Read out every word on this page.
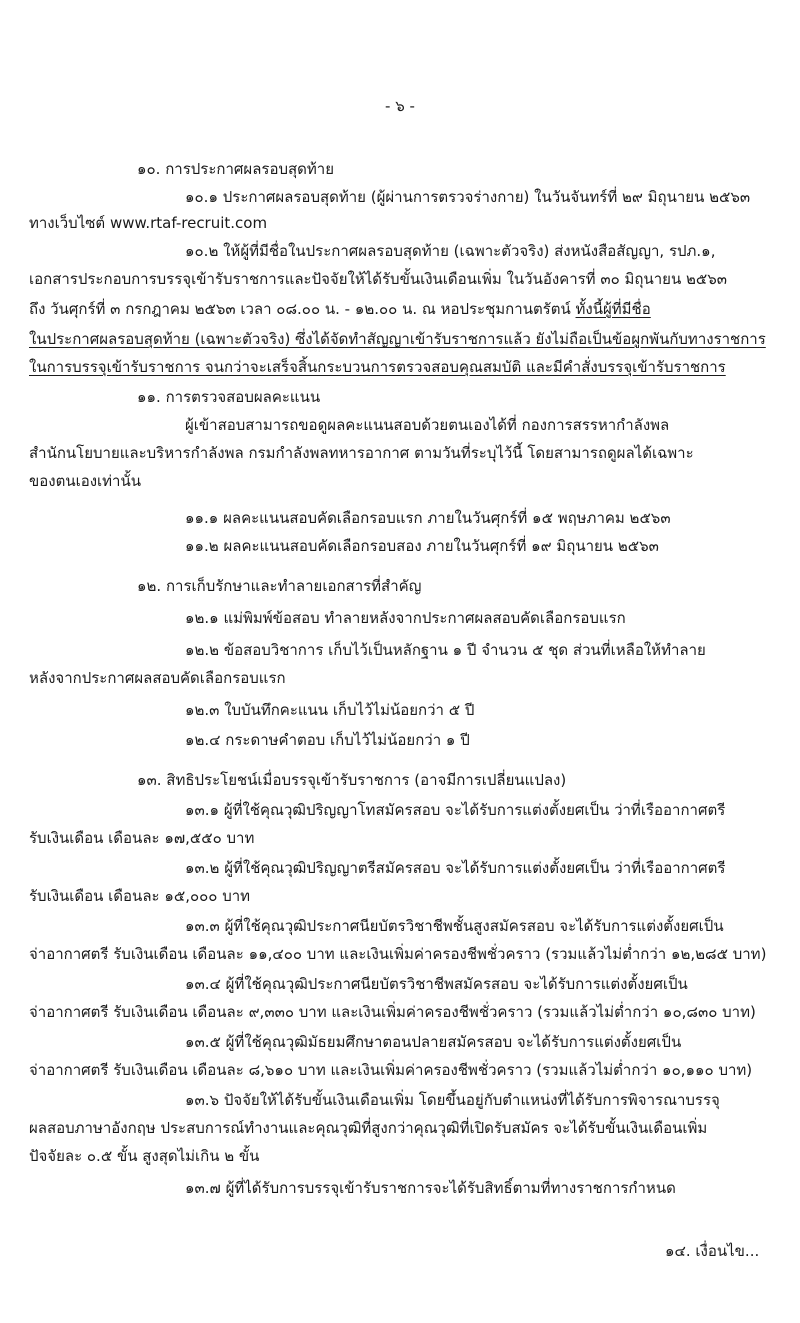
- ๖ -
๑๐. การประกาศผลรอบสุดท้าย
๑๐.๑ ประกาศผลรอบสุดท้าย (ผู้ผ่านการตรวจร่างกาย) ในวันจันทร์ที่ ๒๙ มิถุนายน ๒๕๖๓
ทางเว็บไซต์ www.rtaf-recruit.com
๑๐.๒ ให้ผู้ที่มีชื่อในประกาศผลรอบสุดท้าย (เฉพาะตัวจริง) ส่งหนังสือสัญญา, รปภ.๑,
เอกสารประกอบการบรรจุเข้ารับราชการและปัจจัยให้ได้รับขั้นเงินเดือนเพิ่ม ในวันอังคารที่ ๓๐ มิถุนายน ๒๕๖๓
ถึง วันศุกร์ที่ ๓ กรกฎาคม ๒๕๖๓ เวลา ๐๘.๐๐ น. - ๑๒.๐๐ น. ณ หอประชุมกานตรัตน์ ทั้งนี้ผู้ที่มีชื่อ
ในประกาศผลรอบสุดท้าย (เฉพาะตัวจริง) ซึ่งได้จัดทำสัญญาเข้ารับราชการแล้ว ยังไม่ถือเป็นข้อผูกพันกับทางราชการ
ในการบรรจุเข้ารับราชการ จนกว่าจะเสร็จสิ้นกระบวนการตรวจสอบคุณสมบัติ และมีคำสั่งบรรจุเข้ารับราชการ
๑๑. การตรวจสอบผลคะแนน
ผู้เข้าสอบสามารถขอดูผลคะแนนสอบด้วยตนเองได้ที่ กองการสรรหากำลังพล
สำนักนโยบายและบริหารกำลังพล กรมกำลังพลทหารอากาศ ตามวันที่ระบุไว้นี้ โดยสามารถดูผลได้เฉพาะ
ของตนเองเท่านั้น
๑๑.๑ ผลคะแนนสอบคัดเลือกรอบแรก ภายในวันศุกร์ที่ ๑๕ พฤษภาคม ๒๕๖๓
๑๑.๒ ผลคะแนนสอบคัดเลือกรอบสอง ภายในวันศุกร์ที่ ๑๙ มิถุนายน ๒๕๖๓
๑๒. การเก็บรักษาและทำลายเอกสารที่สำคัญ
๑๒.๑ แม่พิมพ์ข้อสอบ ทำลายหลังจากประกาศผลสอบคัดเลือกรอบแรก
๑๒.๒ ข้อสอบวิชาการ เก็บไว้เป็นหลักฐาน ๑ ปี จำนวน ๕ ชุด ส่วนที่เหลือให้ทำลาย
หลังจากประกาศผลสอบคัดเลือกรอบแรก
๑๒.๓ ใบบันทึกคะแนน เก็บไว้ไม่น้อยกว่า ๕ ปี
๑๒.๔ กระดาษคำตอบ เก็บไว้ไม่น้อยกว่า ๑ ปี
๑๓. สิทธิประโยชน์เมื่อบรรจุเข้ารับราชการ (อาจมีการเปลี่ยนแปลง)
๑๓.๑ ผู้ที่ใช้คุณวุฒิปริญญาโทสมัครสอบ จะได้รับการแต่งตั้งยศเป็น ว่าที่เรืออากาศตรี
รับเงินเดือน เดือนละ ๑๗,๕๕๐ บาท
๑๓.๒ ผู้ที่ใช้คุณวุฒิปริญญาตรีสมัครสอบ จะได้รับการแต่งตั้งยศเป็น ว่าที่เรืออากาศตรี
รับเงินเดือน เดือนละ ๑๕,๐๐๐ บาท
๑๓.๓ ผู้ที่ใช้คุณวุฒิประกาศนียบัตรวิชาชีพชั้นสูงสมัครสอบ จะได้รับการแต่งตั้งยศเป็น
จ่าอากาศตรี รับเงินเดือน เดือนละ ๑๑,๔๐๐ บาท และเงินเพิ่มค่าครองชีพชั่วคราว (รวมแล้วไม่ต่ำกว่า ๑๒,๒๘๕ บาท)
๑๓.๔ ผู้ที่ใช้คุณวุฒิประกาศนียบัตรวิชาชีพสมัครสอบ จะได้รับการแต่งตั้งยศเป็น
จ่าอากาศตรี รับเงินเดือน เดือนละ ๙,๓๓๐ บาท และเงินเพิ่มค่าครองชีพชั่วคราว (รวมแล้วไม่ต่ำกว่า ๑๐,๘๓๐ บาท)
๑๓.๕ ผู้ที่ใช้คุณวุฒิมัธยมศึกษาตอนปลายสมัครสอบ จะได้รับการแต่งตั้งยศเป็น
จ่าอากาศตรี รับเงินเดือน เดือนละ ๘,๖๑๐ บาท และเงินเพิ่มค่าครองชีพชั่วคราว (รวมแล้วไม่ต่ำกว่า ๑๐,๑๑๐ บาท)
๑๓.๖ ปัจจัยให้ได้รับขั้นเงินเดือนเพิ่ม โดยขึ้นอยู่กับตำแหน่งที่ได้รับการพิจารณาบรรจุ
ผลสอบภาษาอังกฤษ ประสบการณ์ทำงานและคุณวุฒิที่สูงกว่าคุณวุฒิที่เปิดรับสมัคร จะได้รับขั้นเงินเดือนเพิ่ม
ปัจจัยละ ๐.๕ ขั้น สูงสุดไม่เกิน ๒ ขั้น
๑๓.๗ ผู้ที่ได้รับการบรรจุเข้ารับราชการจะได้รับสิทธิ์ตามที่ทางราชการกำหนด
๑๔. เงื่อนไข...
